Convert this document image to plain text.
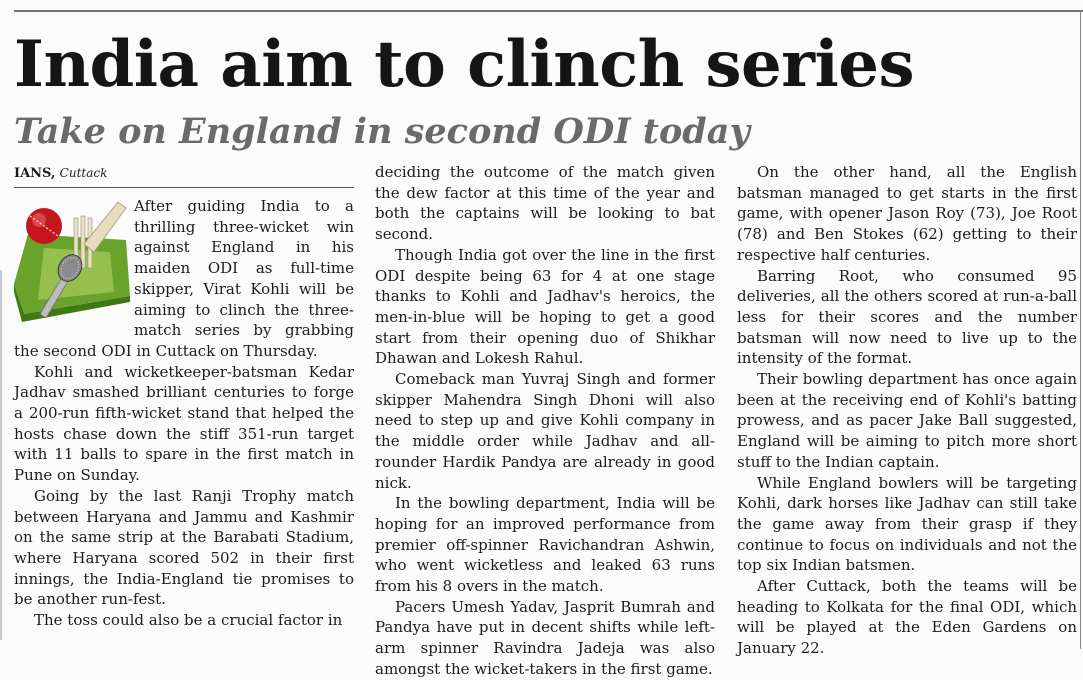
India aim to clinch series
Take on England in second ODI today
IANS, Cuttack

After guiding India to a thrilling three-wicket win against England in his maiden ODI as full-time skipper, Virat Kohli will be aiming to clinch the three-match series by grabbing the second ODI in Cuttack on Thursday.

Kohli and wicketkeeper-batsman Kedar Jadhav smashed brilliant centuries to forge a 200-run fifth-wicket stand that helped the hosts chase down the stiff 351-run target with 11 balls to spare in the first match in Pune on Sunday.

Going by the last Ranji Trophy match between Haryana and Jammu and Kashmir on the same strip at the Barabati Stadium, where Haryana scored 502 in their first innings, the India-England tie promises to be another run-fest.

The toss could also be a crucial factor in

deciding the outcome of the match given the dew factor at this time of the year and both the captains will be looking to bat second.

Though India got over the line in the first ODI despite being 63 for 4 at one stage thanks to Kohli and Jadhav's heroics, the men-in-blue will be hoping to get a good start from their opening duo of Shikhar Dhawan and Lokesh Rahul.

Comeback man Yuvraj Singh and former skipper Mahendra Singh Dhoni will also need to step up and give Kohli company in the middle order while Jadhav and all-rounder Hardik Pandya are already in good nick.

In the bowling department, India will be hoping for an improved performance from premier off-spinner Ravichandran Ashwin, who went wicketless and leaked 63 runs from his 8 overs in the match.

Pacers Umesh Yadav, Jasprit Bumrah and Pandya have put in decent shifts while left-arm spinner Ravindra Jadeja was also amongst the wicket-takers in the first game.

On the other hand, all the English batsman managed to get starts in the first game, with opener Jason Roy (73), Joe Root (78) and Ben Stokes (62) getting to their respective half centuries.

Barring Root, who consumed 95 deliveries, all the others scored at run-a-ball less for their scores and the number batsman will now need to live up to the intensity of the format.

Their bowling department has once again been at the receiving end of Kohli's batting prowess, and as pacer Jake Ball suggested, England will be aiming to pitch more short stuff to the Indian captain.

While England bowlers will be targeting Kohli, dark horses like Jadhav can still take the game away from their grasp if they continue to focus on individuals and not the top six Indian batsmen.

After Cuttack, both the teams will be heading to Kolkata for the final ODI, which will be played at the Eden Gardens on January 22.
